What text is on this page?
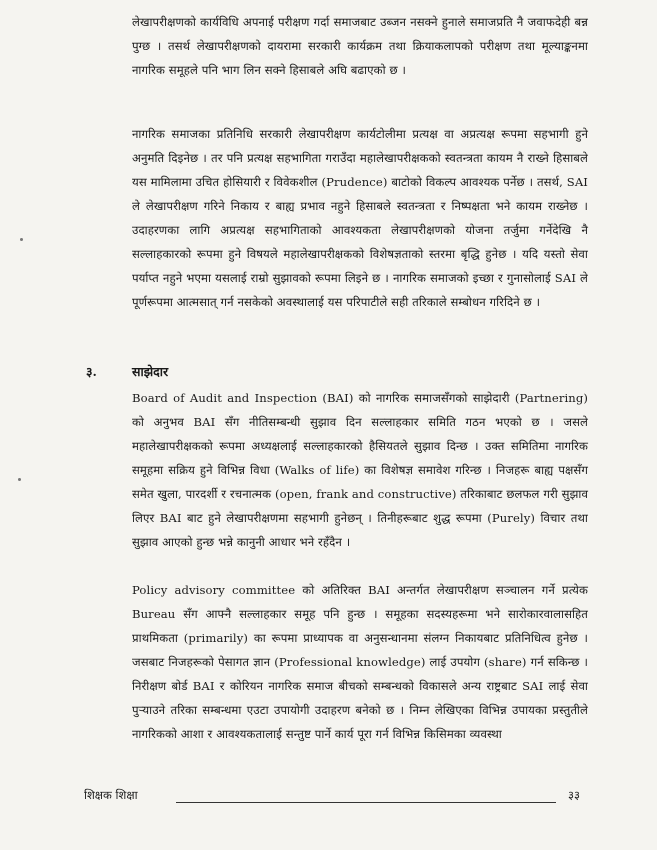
लेखापरीक्षणको कार्यविधि अपनाई परीक्षण गर्दा समाजबाट उब्जन नसक्ने हुनाले समाजप्रति नै जवाफदेही बन्न पुग्छ । तसर्थ लेखापरीक्षणको दायरामा सरकारी कार्यक्रम तथा क्रियाकलापको परीक्षण तथा मूल्याङ्कनमा नागरिक समूहले पनि भाग लिन सक्ने हिसाबले अघि बढाएको छ ।

नागरिक समाजका प्रतिनिधि सरकारी लेखापरीक्षण कार्यटोलीमा प्रत्यक्ष वा अप्रत्यक्ष रूपमा सहभागी हुने अनुमति दिइनेछ । तर पनि प्रत्यक्ष सहभागिता गराउँदा महालेखापरीक्षकको स्वतन्त्रता कायम नै राख्ने हिसाबले यस मामिलामा उचित होसियारी र विवेकशील (Prudence) बाटोको विकल्प आवश्यक पर्नेछ । तसर्थ, SAI ले लेखापरीक्षण गरिने निकाय र बाह्य प्रभाव नहुने हिसाबले स्वतन्त्रता र निष्पक्षता भने कायम राख्नेछ । उदाहरणका लागि अप्रत्यक्ष सहभागिताको आवश्यकता लेखापरीक्षणको योजना तर्जुमा गर्नेदेखि नै सल्लाहकारको रूपमा हुने विषयले महालेखापरीक्षकको विशेषज्ञताको स्तरमा बृद्धि हुनेछ । यदि यस्तो सेवा पर्याप्त नहुने भएमा यसलाई राम्रो सुझावको रूपमा लिइने छ । नागरिक समाजको इच्छा र गुनासोलाई SAI ले पूर्णरूपमा आत्मसात् गर्न नसकेको अवस्थालाई यस परिपाटीले सही तरिकाले सम्बोधन गरिदिने छ ।

३.	साझेदार

Board of Audit and Inspection (BAI) को नागरिक समाजसँगको साझेदारी (Partnering) को अनुभव BAI सँग नीतिसम्बन्धी सुझाव दिन सल्लाहकार समिति गठन भएको छ । जसले महालेखापरीक्षकको रूपमा अध्यक्षलाई सल्लाहकारको हैसियतले सुझाव दिन्छ । उक्त समितिमा नागरिक समूहमा सक्रिय हुने विभिन्न विधा (Walks of life) का विशेषज्ञ समावेश गरिन्छ । निजहरू बाह्य पक्षसँग समेत खुला, पारदर्शी र रचनात्मक (open, frank and constructive) तरिकाबाट छलफल गरी सुझाव लिएर BAI बाट हुने लेखापरीक्षणमा सहभागी हुनेछन् । तिनीहरूबाट शुद्ध रूपमा (Purely) विचार तथा सुझाव आएको हुन्छ भन्ने कानुनी आधार भने रहँदैन ।

Policy advisory committee को अतिरिक्त BAI अन्तर्गत लेखापरीक्षण सञ्चालन गर्ने प्रत्येक Bureau सँग आफ्नै सल्लाहकार समूह पनि हुन्छ । समूहका सदस्यहरूमा भने सारोकारवालासहित प्राथमिकता (primarily) का रूपमा प्राध्यापक वा अनुसन्धानमा संलग्न निकायबाट प्रतिनिधित्व हुनेछ । जसबाट निजहरूको पेसागत ज्ञान (Professional knowledge) लाई उपयोग (share) गर्न सकिन्छ । निरीक्षण बोर्ड BAI र कोरियन नागरिक समाज बीचको सम्बन्धको विकासले अन्य राष्ट्रबाट SAI लाई सेवा पुऱ्याउने तरिका सम्बन्धमा एउटा उपायोगी उदाहरण बनेको छ । निम्न लेखिएका विभिन्न उपायका प्रस्तुतीले नागरिकको आशा र आवश्यकतालाई सन्तुष्ट पार्ने कार्य पूरा गर्न विभिन्न किसिमका व्यवस्था

शिक्षक शिक्षा	३३
